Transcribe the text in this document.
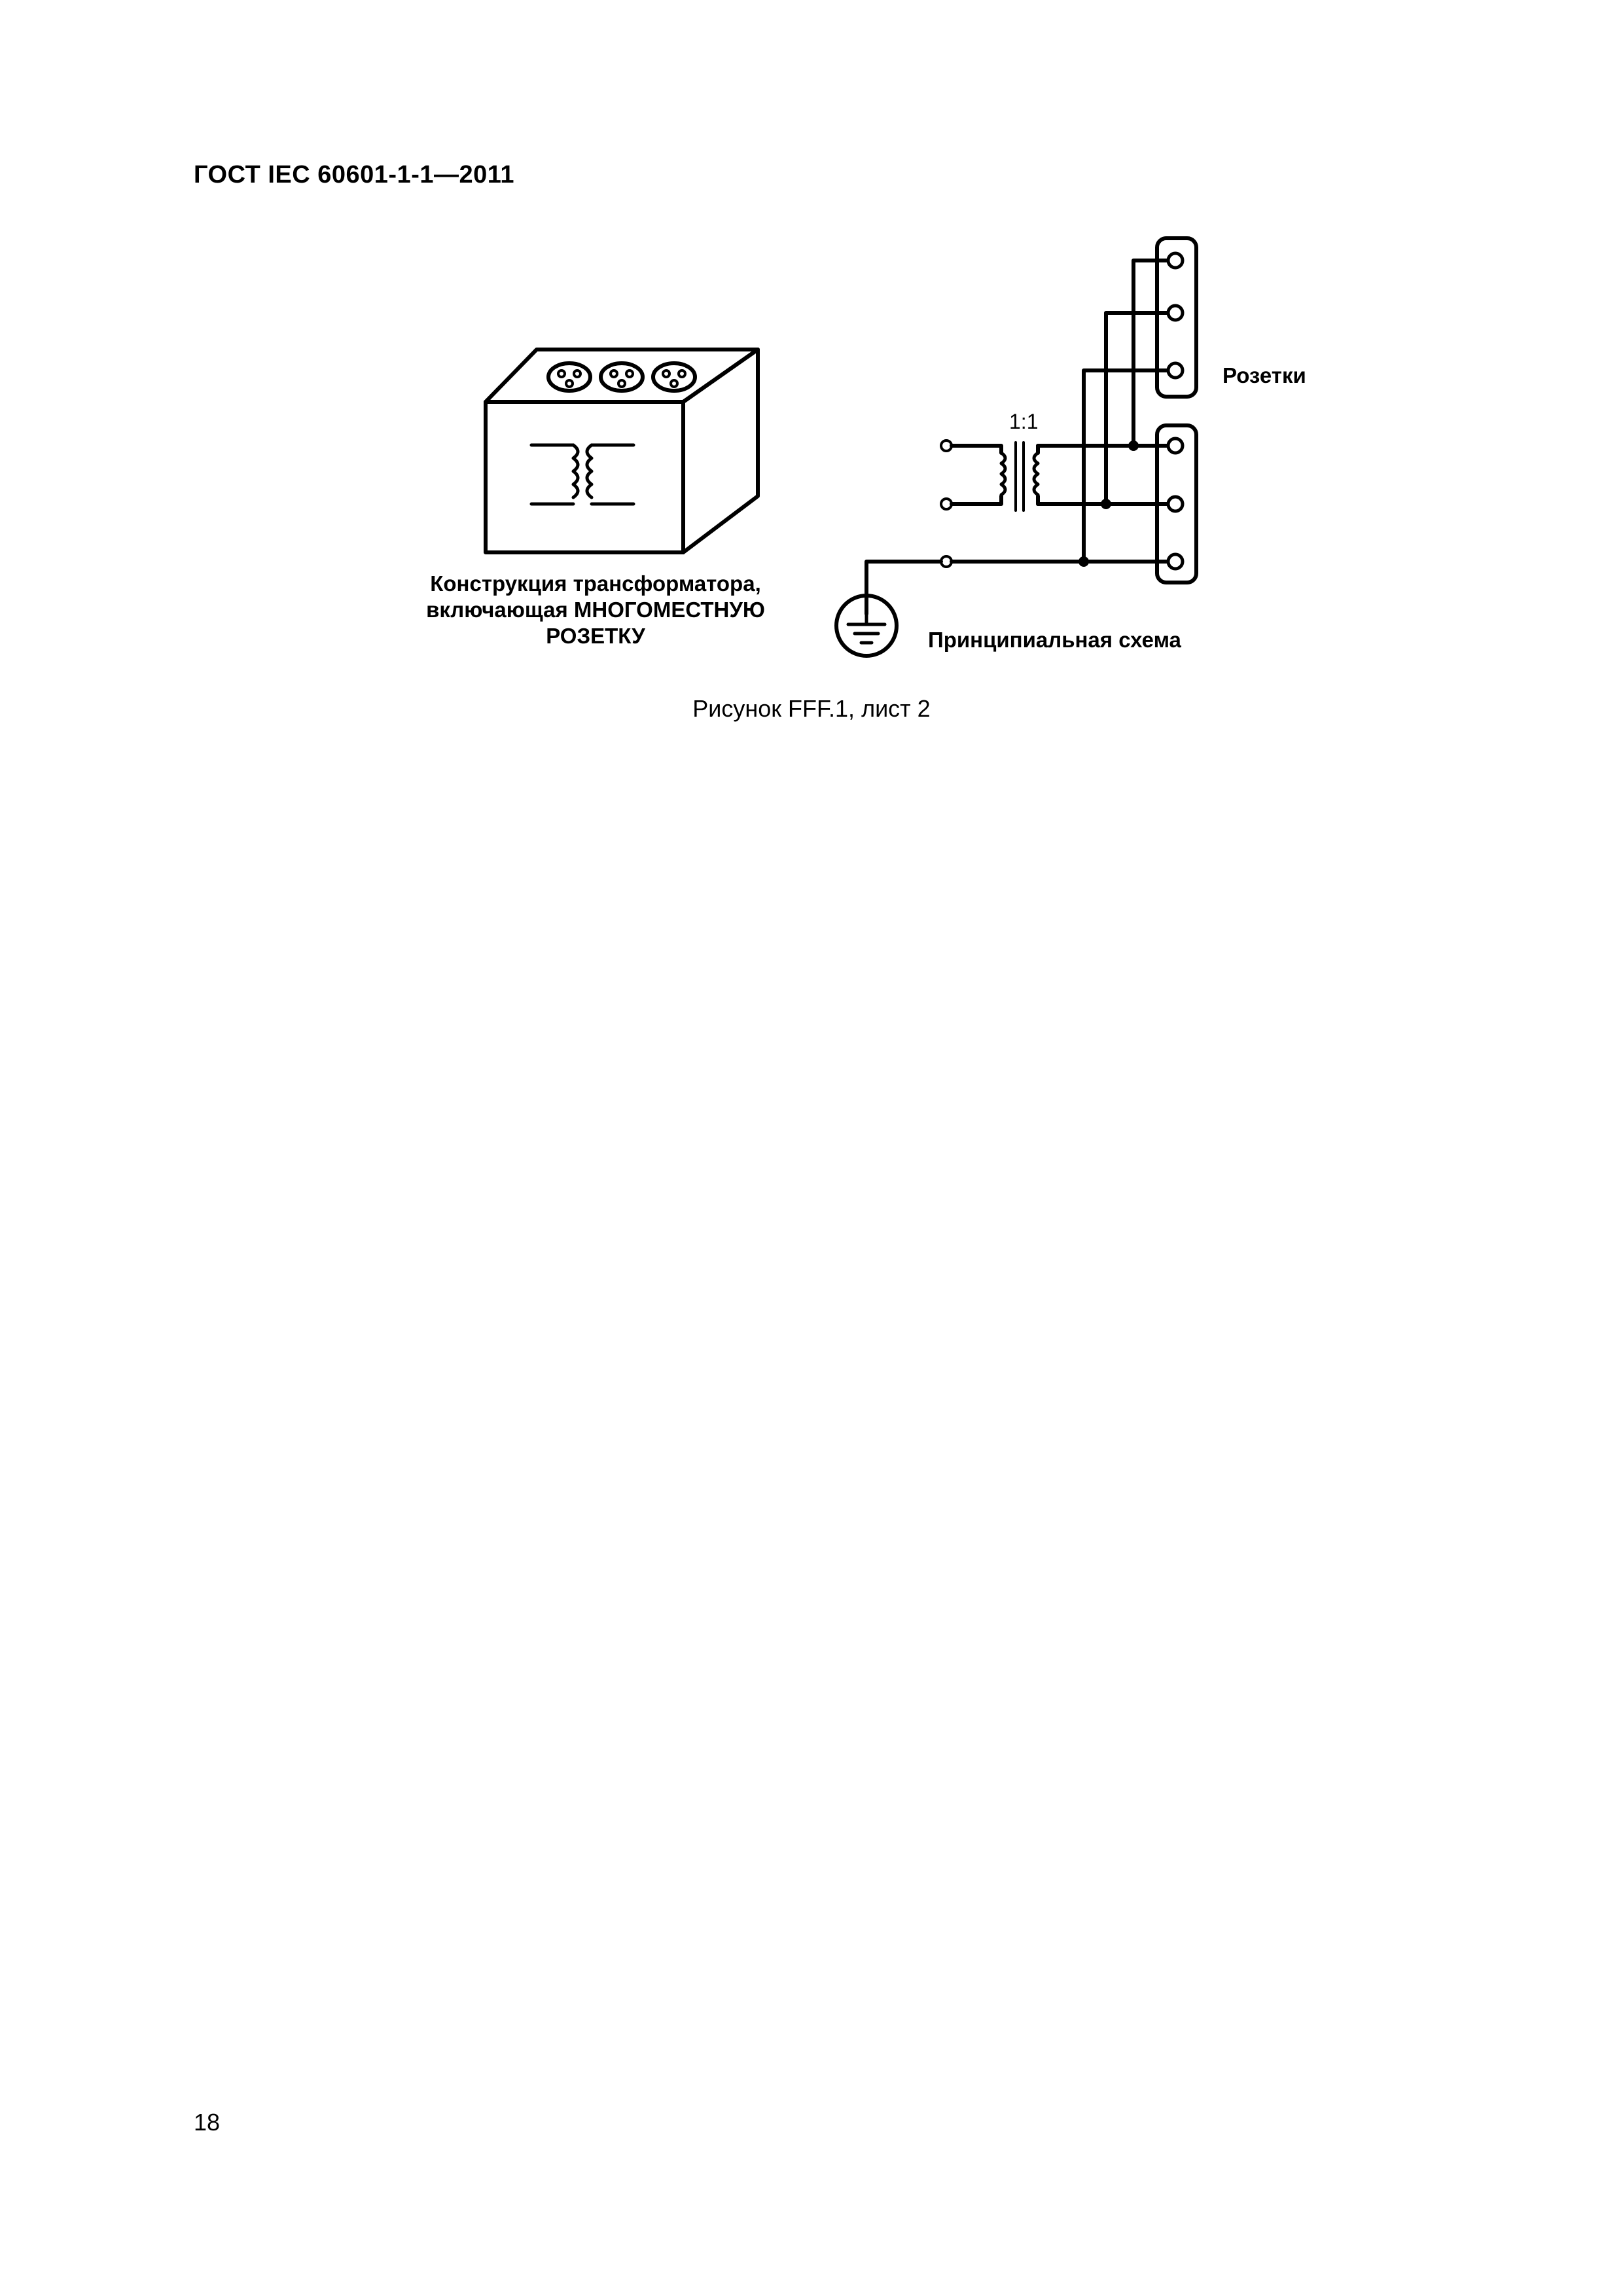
ГОСТ IEC 60601-1-1—2011
Конструкция трансформатора,
включающая МНОГОМЕСТНУЮ
РОЗЕТКУ
Розетки
1:1
Принципиальная схема
Рисунок FFF.1, лист 2
18
